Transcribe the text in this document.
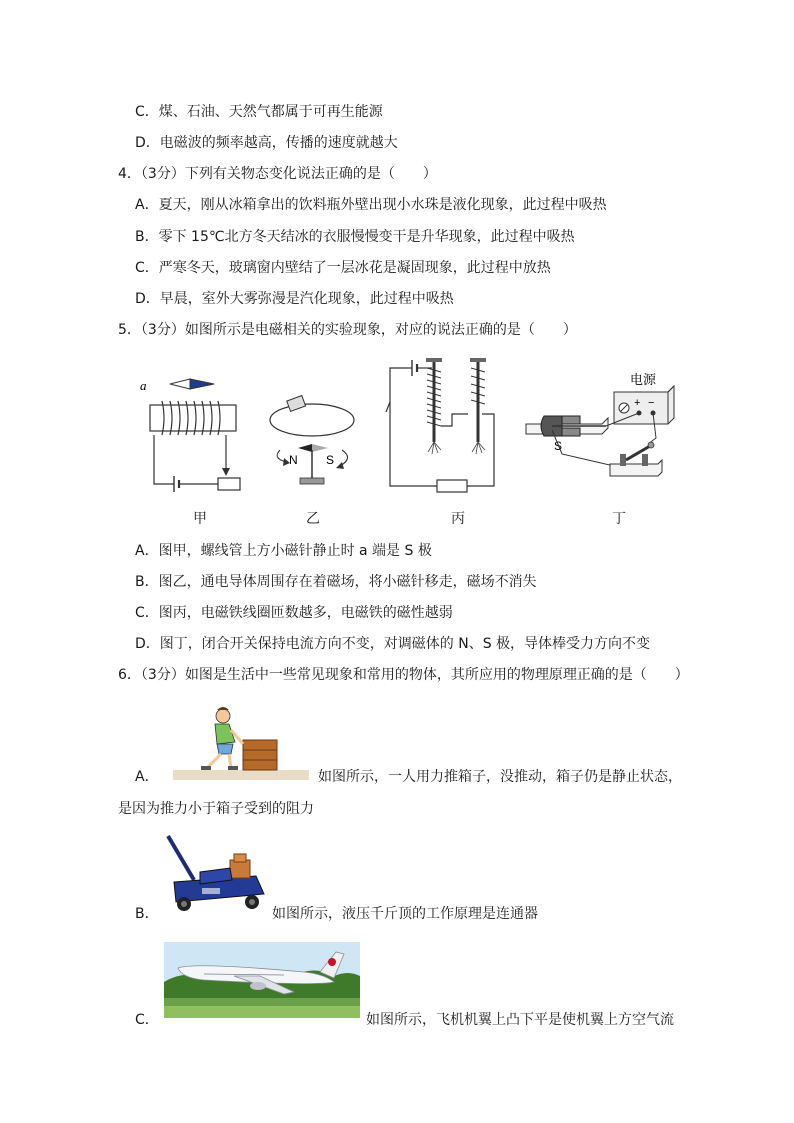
C．煤、石油、天然气都属于可再生能源
D．电磁波的频率越高，传播的速度就越大
4．（3分）下列有关物态变化说法正确的是（　　）
A．夏天，刚从冰箱拿出的饮料瓶外壁出现小水珠是液化现象，此过程中吸热
B．零下 15℃北方冬天结冰的衣服慢慢变干是升华现象，此过程中吸热
C．严寒冬天，玻璃窗内壁结了一层冰花是凝固现象，此过程中放热
D．早晨，室外大雾弥漫是汽化现象，此过程中吸热
5．（3分）如图所示是电磁相关的实验现象，对应的说法正确的是（　　）
a
甲
N S
乙	丙
电源
+ −
S
丁
A．图甲，螺线管上方小磁针静止时 a 端是 S 极
B．图乙，通电导体周围存在着磁场，将小磁针移走，磁场不消失
C．图丙，电磁铁线圈匝数越多，电磁铁的磁性越弱
D．图丁，闭合开关保持电流方向不变，对调磁体的 N、S 极，导体棒受力方向不变
6．（3分）如图是生活中一些常见现象和常用的物体，其所应用的物理原理正确的是（　　）
A．	如图所示，一人用力推箱子，没推动，箱子仍是静止状态，
是因为推力小于箱子受到的阻力
B．	如图所示，液压千斤顶的工作原理是连通器
C．	如图所示，飞机机翼上凸下平是使机翼上方空气流
